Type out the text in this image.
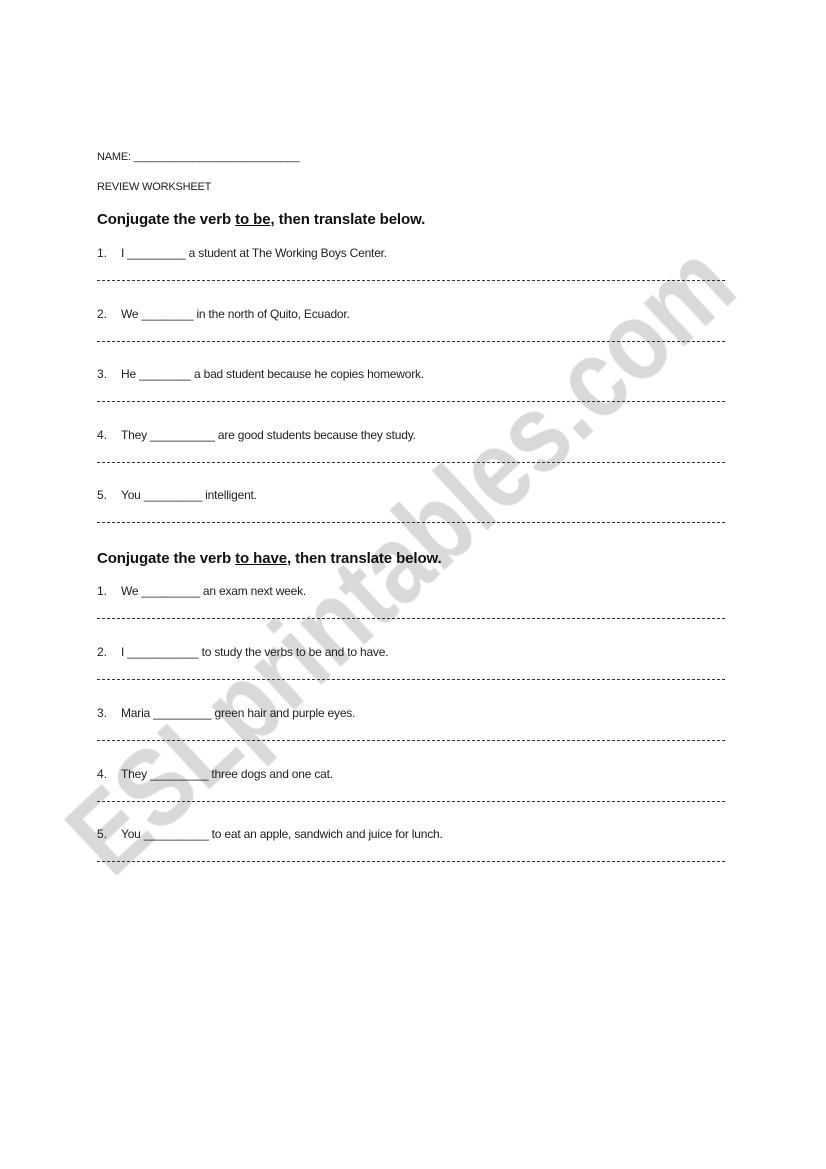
NAME: ____________________________
REVIEW WORKSHEET
Conjugate the verb to be, then translate below.
1. I _________ a student at The Working Boys Center.
2. We ________ in the north of Quito, Ecuador.
3. He ________ a bad student because he copies homework.
4. They __________ are good students because they study.
5. You _________ intelligent.
Conjugate the verb to have, then translate below.
1. We _________ an exam next week.
2. I ___________ to study the verbs to be and to have.
3. Maria _________ green hair and purple eyes.
4. They _________ three dogs and one cat.
5. You __________ to eat an apple, sandwich and juice for lunch.
